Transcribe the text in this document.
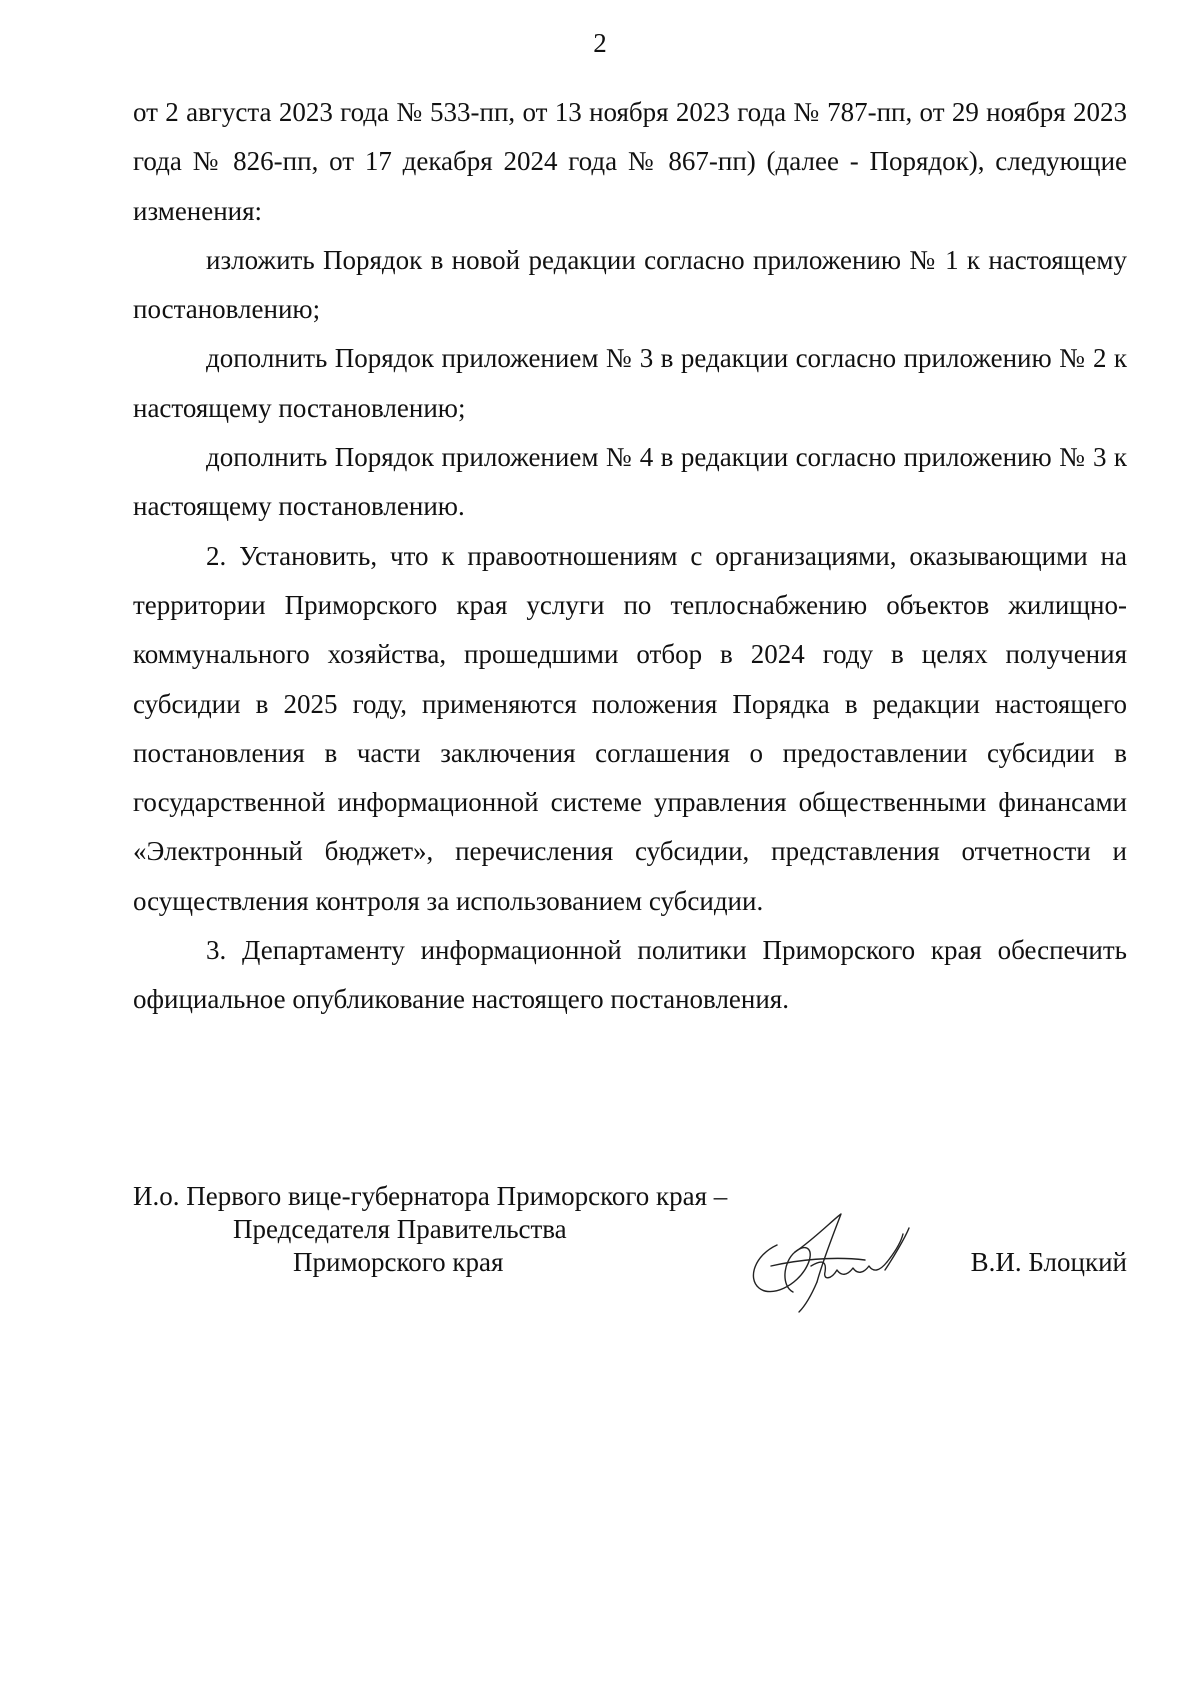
2

от 2 августа 2023 года № 533-пп, от 13 ноября 2023 года № 787-пп, от 29 ноября 2023 года № 826-пп, от 17 декабря 2024 года № 867-пп) (далее - Порядок), следующие изменения:

изложить Порядок в новой редакции согласно приложению № 1 к настоящему постановлению;

дополнить Порядок приложением № 3 в редакции согласно приложению № 2 к настоящему постановлению;

дополнить Порядок приложением № 4 в редакции согласно приложению № 3 к настоящему постановлению.

2. Установить, что к правоотношениям с организациями, оказывающими на территории Приморского края услуги по теплоснабжению объектов жилищно-коммунального хозяйства, прошедшими отбор в 2024 году в целях получения субсидии в 2025 году, применяются положения Порядка в редакции настоящего постановления в части заключения соглашения о предоставлении субсидии в государственной информационной системе управления общественными финансами «Электронный бюджет», перечисления субсидии, представления отчетности и осуществления контроля за использованием субсидии.

3. Департаменту информационной политики Приморского края обеспечить официальное опубликование настоящего постановления.

И.о. Первого вице-губернатора Приморского края –
Председателя Правительства
Приморского края	В.И. Блоцкий
